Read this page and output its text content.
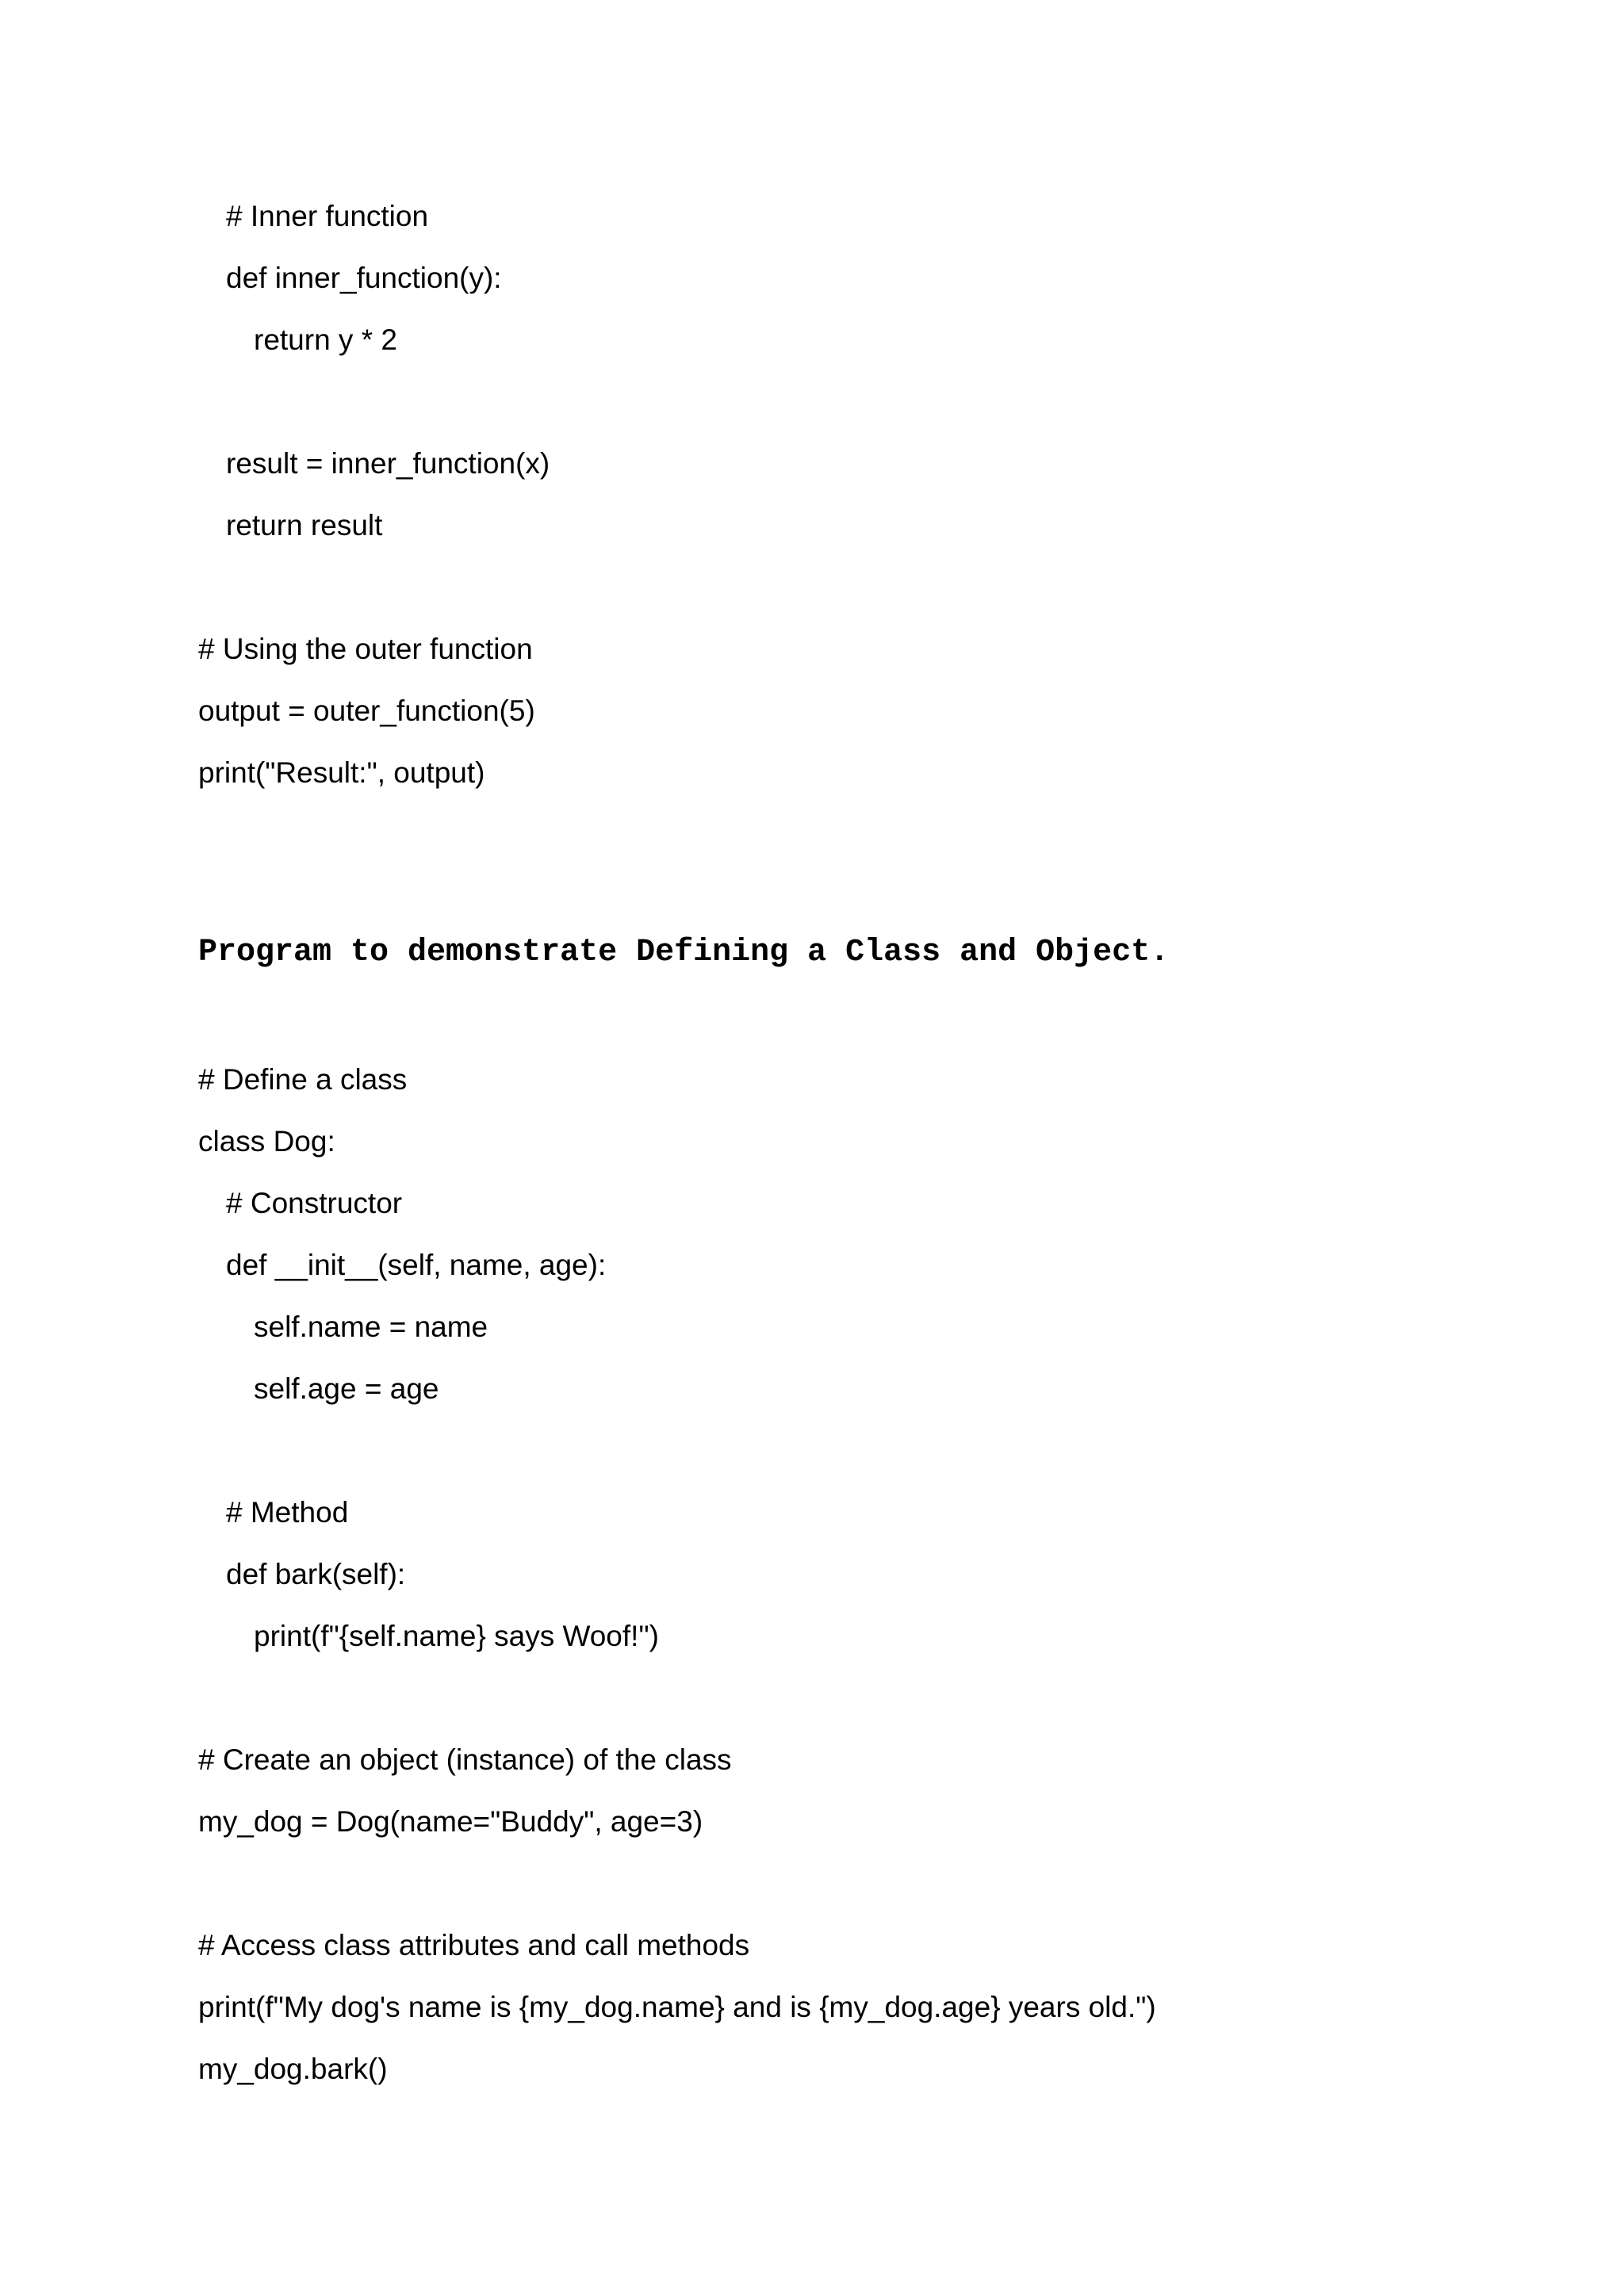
# Inner function
def inner_function(y):
return y * 2
result = inner_function(x)
return result
# Using the outer function
output = outer_function(5)
print("Result:", output)
Program to demonstrate Defining a Class and Object.
# Define a class
class Dog:
# Constructor
def __init__(self, name, age):
self.name = name
self.age = age
# Method
def bark(self):
print(f"{self.name} says Woof!")
# Create an object (instance) of the class
my_dog = Dog(name="Buddy", age=3)
# Access class attributes and call methods
print(f"My dog's name is {my_dog.name} and is {my_dog.age} years old.")
my_dog.bark()
